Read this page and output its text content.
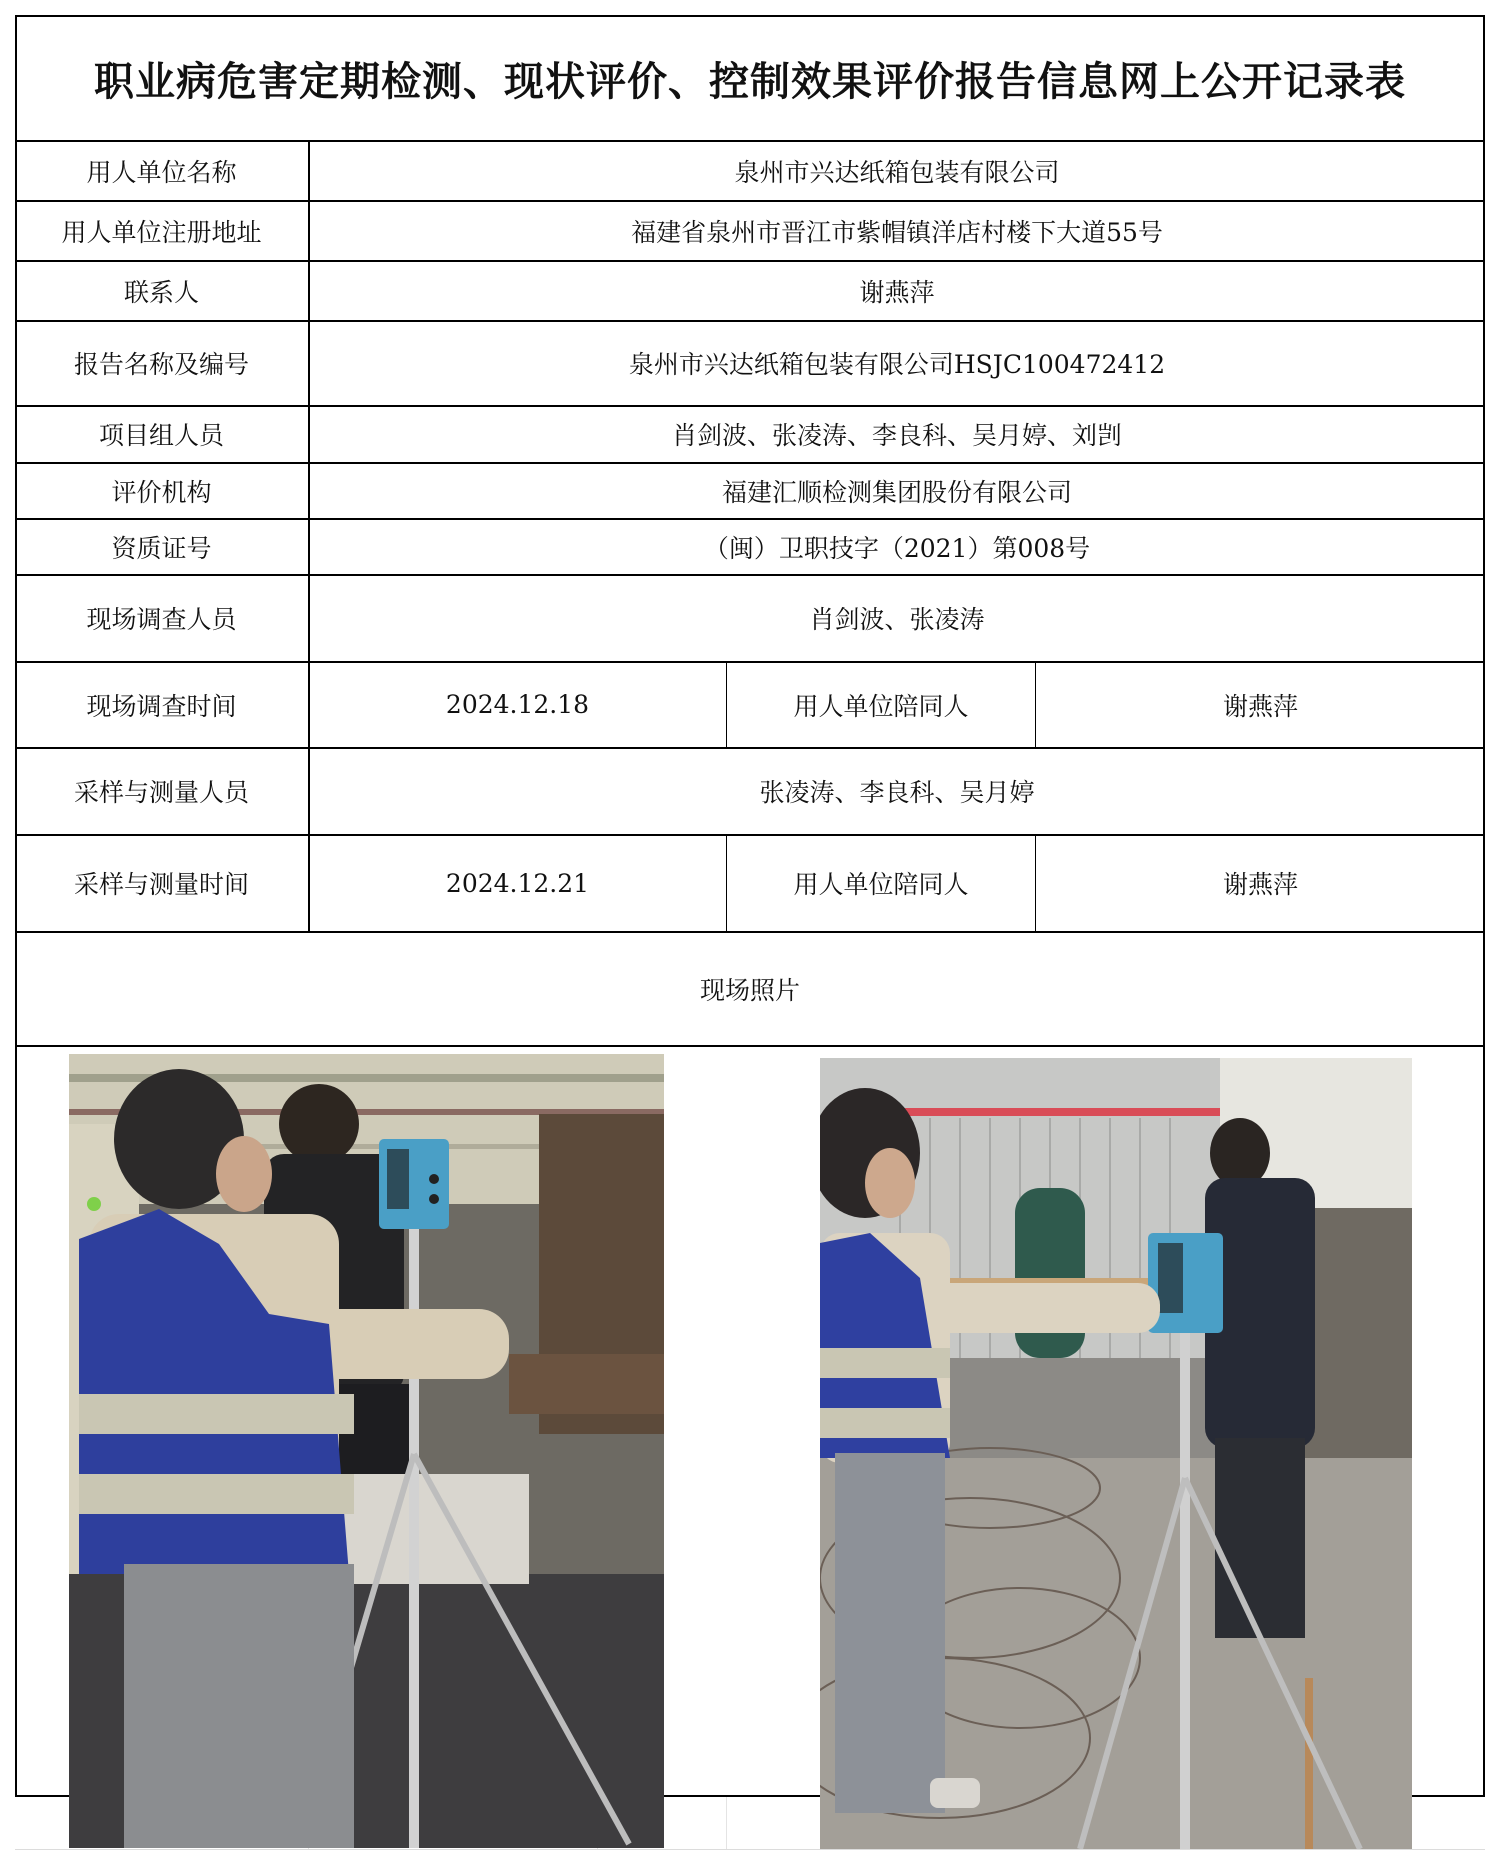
职业病危害定期检测、现状评价、控制效果评价报告信息网上公开记录表
用人单位名称	泉州市兴达纸箱包装有限公司
用人单位注册地址	福建省泉州市晋江市紫帽镇洋店村楼下大道55号
联系人	谢燕萍
报告名称及编号	泉州市兴达纸箱包装有限公司HSJC100472412
项目组人员	肖剑波、张凌涛、李良科、吴月婷、刘剀
评价机构	福建汇顺检测集团股份有限公司
资质证号	（闽）卫职技字（2021）第008号
现场调查人员	肖剑波、张凌涛
现场调查时间	2024.12.18	用人单位陪同人	谢燕萍
采样与测量人员	张凌涛、李良科、吴月婷
采样与测量时间	2024.12.21	用人单位陪同人	谢燕萍
现场照片
